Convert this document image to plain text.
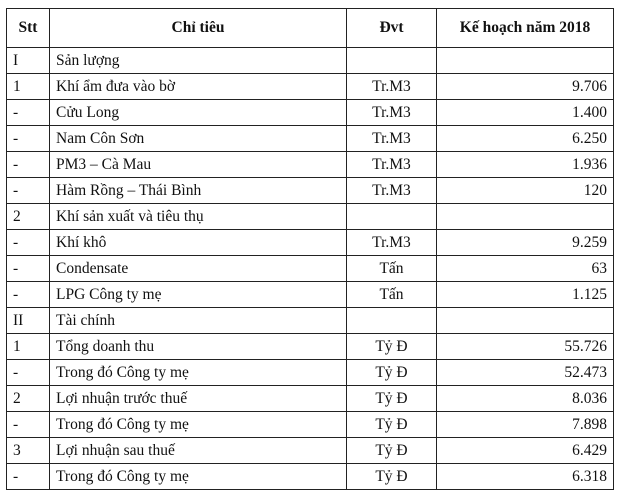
Stt	Chỉ tiêu	Đvt	Kế hoạch năm 2018
I	Sản lượng		
1	Khí ẩm đưa vào bờ	Tr.M3	9.706
-	Cửu Long	Tr.M3	1.400
-	Nam Côn Sơn	Tr.M3	6.250
-	PM3 – Cà Mau	Tr.M3	1.936
-	Hàm Rồng – Thái Bình	Tr.M3	120
2	Khí sản xuất và tiêu thụ		
-	Khí khô	Tr.M3	9.259
-	Condensate	Tấn	63
-	LPG Công ty mẹ	Tấn	1.125
II	Tài chính		
1	Tổng doanh thu	Tỷ Đ	55.726
-	Trong đó Công ty mẹ	Tỷ Đ	52.473
2	Lợi nhuận trước thuế	Tỷ Đ	8.036
-	Trong đó Công ty mẹ	Tỷ Đ	7.898
3	Lợi nhuận sau thuế	Tỷ Đ	6.429
-	Trong đó Công ty mẹ	Tỷ Đ	6.318
